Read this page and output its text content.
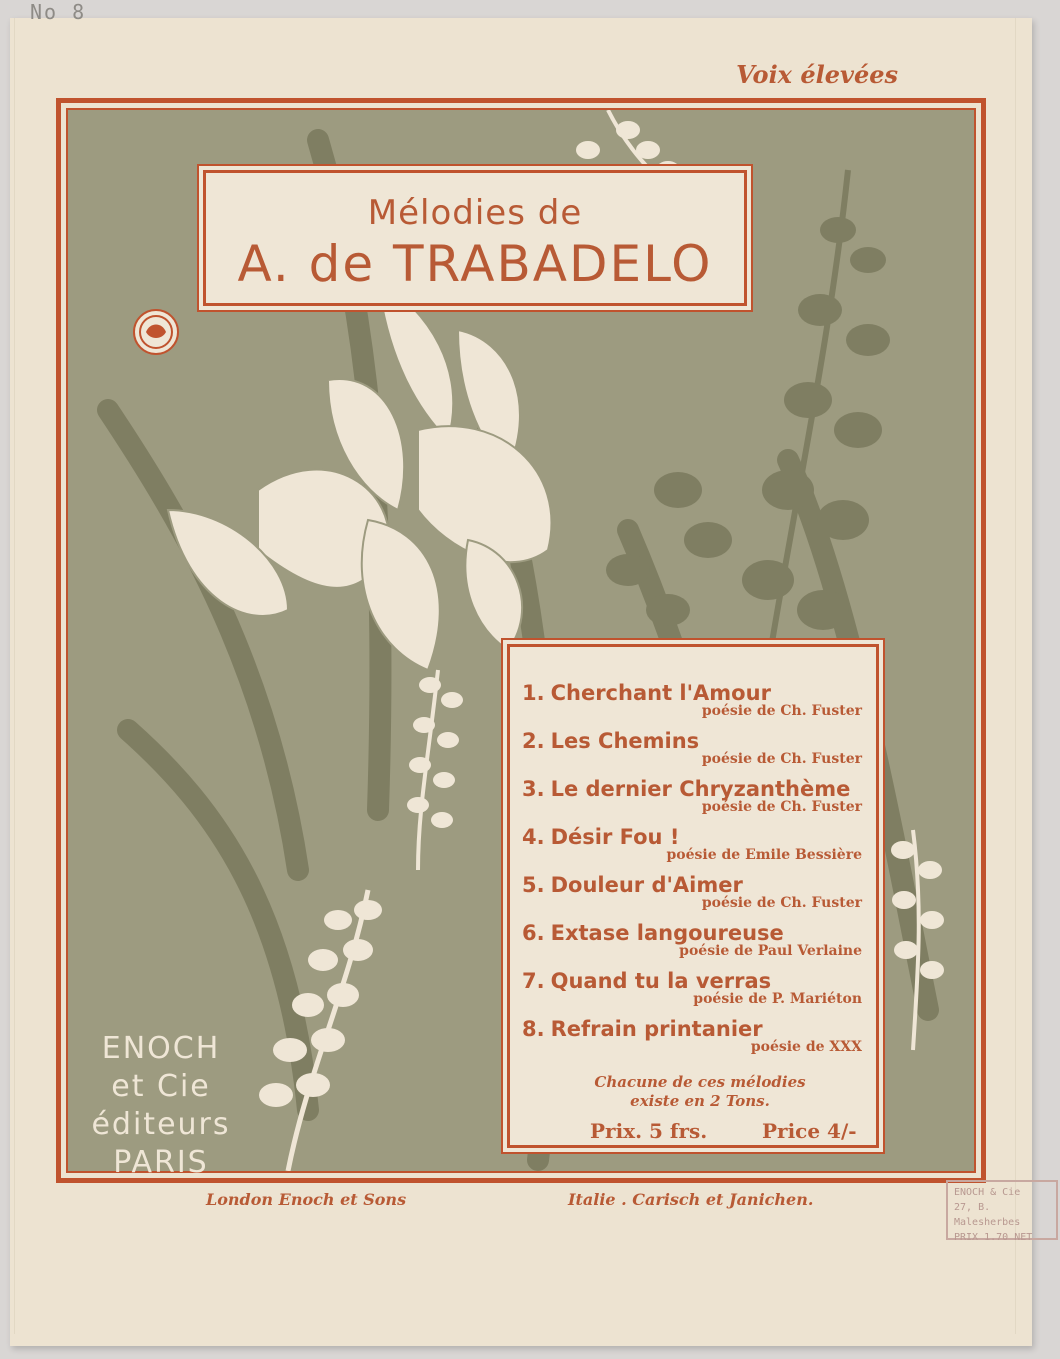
No 8
Voix élevées
Mélodies de
A. de TRABADELO
1. Cherchant l'Amour
poésie de Ch. Fuster
2. Les Chemins
poésie de Ch. Fuster
3. Le dernier Chryzanthème
poésie de Ch. Fuster
4. Désir Fou !
poésie de Emile Bessière
5. Douleur d'Aimer
poésie de Ch. Fuster
6. Extase langoureuse
poésie de Paul Verlaine
7. Quand tu la verras
poésie de P. Mariéton
8. Refrain printanier
poésie de XXX
Chacune de ces mélodies
existe en 2 Tons.
Prix. 5 frs.	Price 4/-
ENOCH
et Cie
éditeurs
PARIS
London Enoch et Sons	Italie . Carisch et Janichen.	ENOCH & Cie
27, B. Malesherbes
PRIX 1.70 NET
